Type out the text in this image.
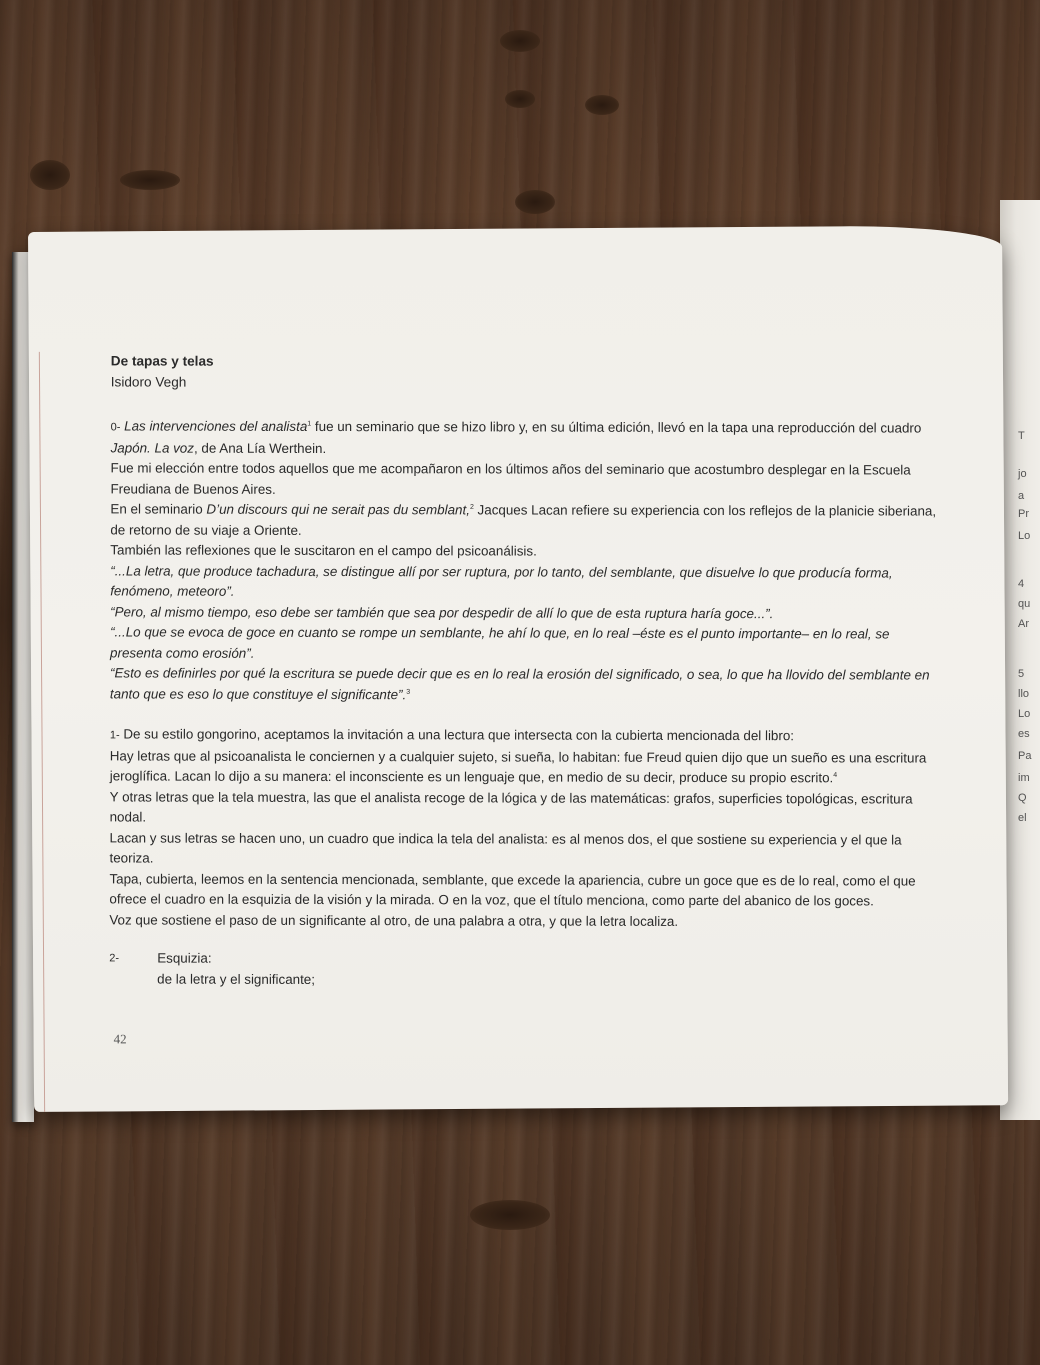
T
jo
a
Pr
Lo
4
qu
Ar
5
llo
Lo
es
Pa
im
Q
el

De tapas y telas

Isidoro Vegh

0- Las intervenciones del analista$^1$ fue un seminario que se hizo libro y, en su última edición, llevó en la tapa una reproducción del cuadro Japón. La voz, de Ana Lía Werthein.

Fue mi elección entre todos aquellos que me acompañaron en los últimos años del seminario que acostumbro desplegar en la Escuela Freudiana de Buenos Aires.

En el seminario D’un discours qui ne serait pas du semblant,$^2$ Jacques Lacan refiere su experiencia con los reflejos de la planicie siberiana, de retorno de su viaje a Oriente.

También las reflexiones que le suscitaron en el campo del psicoanálisis.

“...La letra, que produce tachadura, se distingue allí por ser ruptura, por lo tanto, del semblante, que disuelve lo que producía forma, fenómeno, meteoro”.

“Pero, al mismo tiempo, eso debe ser también que sea por despedir de allí lo que de esta ruptura haría goce...”.

“...Lo que se evoca de goce en cuanto se rompe un semblante, he ahí lo que, en lo real –éste es el punto importante– en lo real, se presenta como erosión”.

“Esto es definirles por qué la escritura se puede decir que es en lo real la erosión del significado, o sea, lo que ha llovido del semblante en tanto que es eso lo que constituye el significante”.$^3$

1- De su estilo gongorino, aceptamos la invitación a una lectura que intersecta con la cubierta mencionada del libro:

Hay letras que al psicoanalista le conciernen y a cualquier sujeto, si sueña, lo habitan: fue Freud quien dijo que un sueño es una escritura jeroglífica. Lacan lo dijo a su manera: el inconsciente es un lenguaje que, en medio de su decir, produce su propio escrito.$^4$

Y otras letras que la tela muestra, las que el analista recoge de la lógica y de las matemáticas: grafos, superficies topológicas, escritura nodal.

Lacan y sus letras se hacen uno, un cuadro que indica la tela del analista: es al menos dos, el que sostiene su experiencia y el que la teoriza.

Tapa, cubierta, leemos en la sentencia mencionada, semblante, que excede la apariencia, cubre un goce que es de lo real, como el que ofrece el cuadro en la esquizia de la visión y la mirada. O en la voz, que el título menciona, como parte del abanico de los goces.

Voz que sostiene el paso de un significante al otro, de una palabra a otra, y que la letra localiza.

2-	Esquizia:

de la letra y el significante;

42
